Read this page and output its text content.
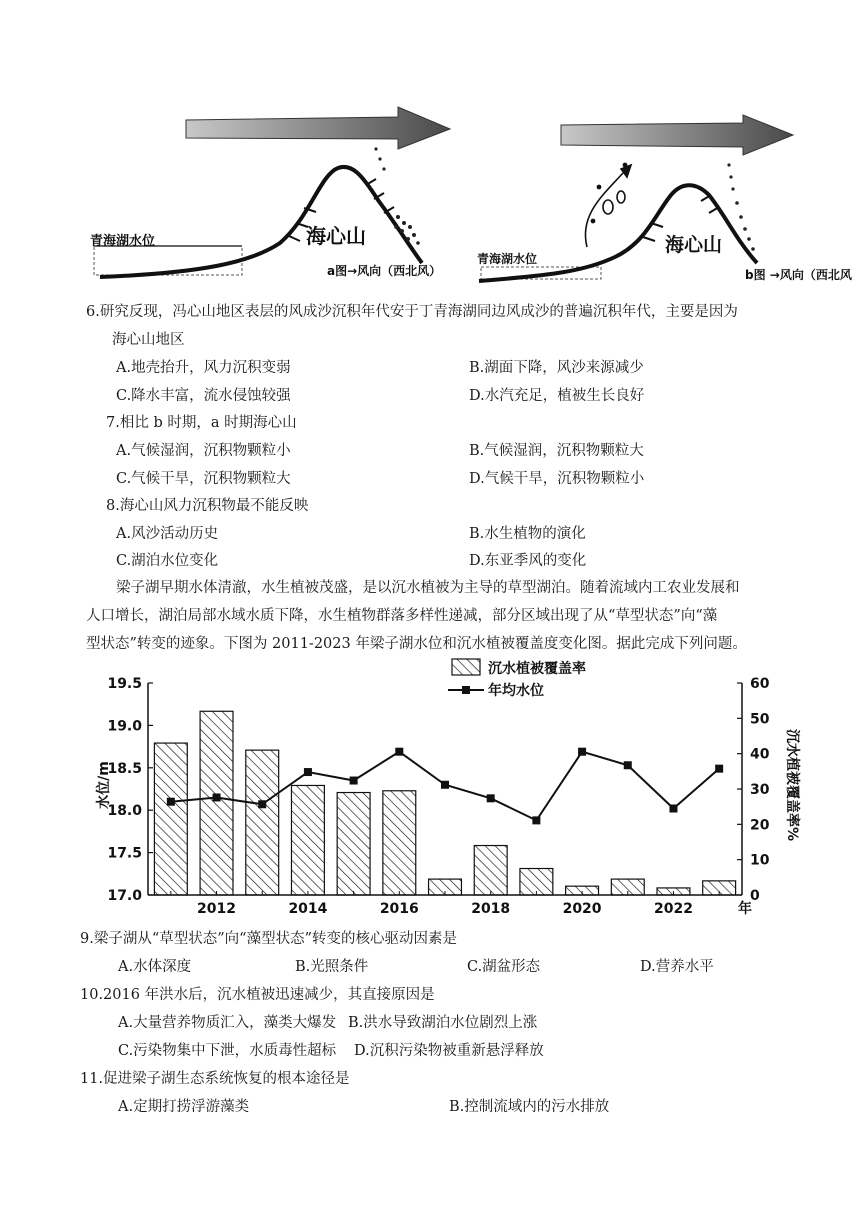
青海湖水位	海心山
a图→风向（西北风）
青海湖水位
海心山
b图 →风向（西北风
6.研究反现，冯心山地区表层的风成沙沉积年代安于丁青海湖同边风成沙的普遍沉积年代，主要是因为
海心山地区
A.地壳抬升，风力沉积变弱	B.湖面下降，风沙来源减少
C.降水丰富，流水侵蚀较强	D.水汽充足，植被生长良好
7.相比 b 时期，a 时期海心山
A.气候湿润，沉积物颗粒小	B.气候湿润，沉积物颗粒大
C.气候干旱，沉积物颗粒大	D.气候干旱，沉积物颗粒小
8.海心山风力沉积物最不能反映
A.风沙活动历史	B.水生植物的演化
C.湖泊水位变化	D.东亚季风的变化
梁子湖早期水体清澈，水生植被茂盛，是以沉水植被为主导的草型湖泊。随着流域内工农业发展和
人口增长，湖泊局部水域水质下降，水生植物群落多样性递减，部分区域出现了从“草型状态”向“藻
型状态”转变的迹象。下图为 2011-2023 年梁子湖水位和沉水植被覆盖度变化图。据此完成下列问题。
17.0
17.5
18.0
18.5
19.0
19.5
0
10
20
30
40
50
60
2012	2014	2016	2018	2020	2022
沉水植被覆盖率
年均水位
水位/m	沉水植被覆盖率%
年
9.梁子湖从“草型状态”向“藻型状态”转变的核心驱动因素是
A.水体深度	B.光照条件	C.湖盆形态	D.营养水平
10.2016 年洪水后，沉水植被迅速减少，其直接原因是
A.大量营养物质汇入，藻类大爆发 B.洪水导致湖泊水位剧烈上涨
C.污染物集中下泄，水质毒性超标 D.沉积污染物被重新悬浮释放
11.促进梁子湖生态系统恢复的根本途径是
A.定期打捞浮游藻类	B.控制流域内的污水排放
